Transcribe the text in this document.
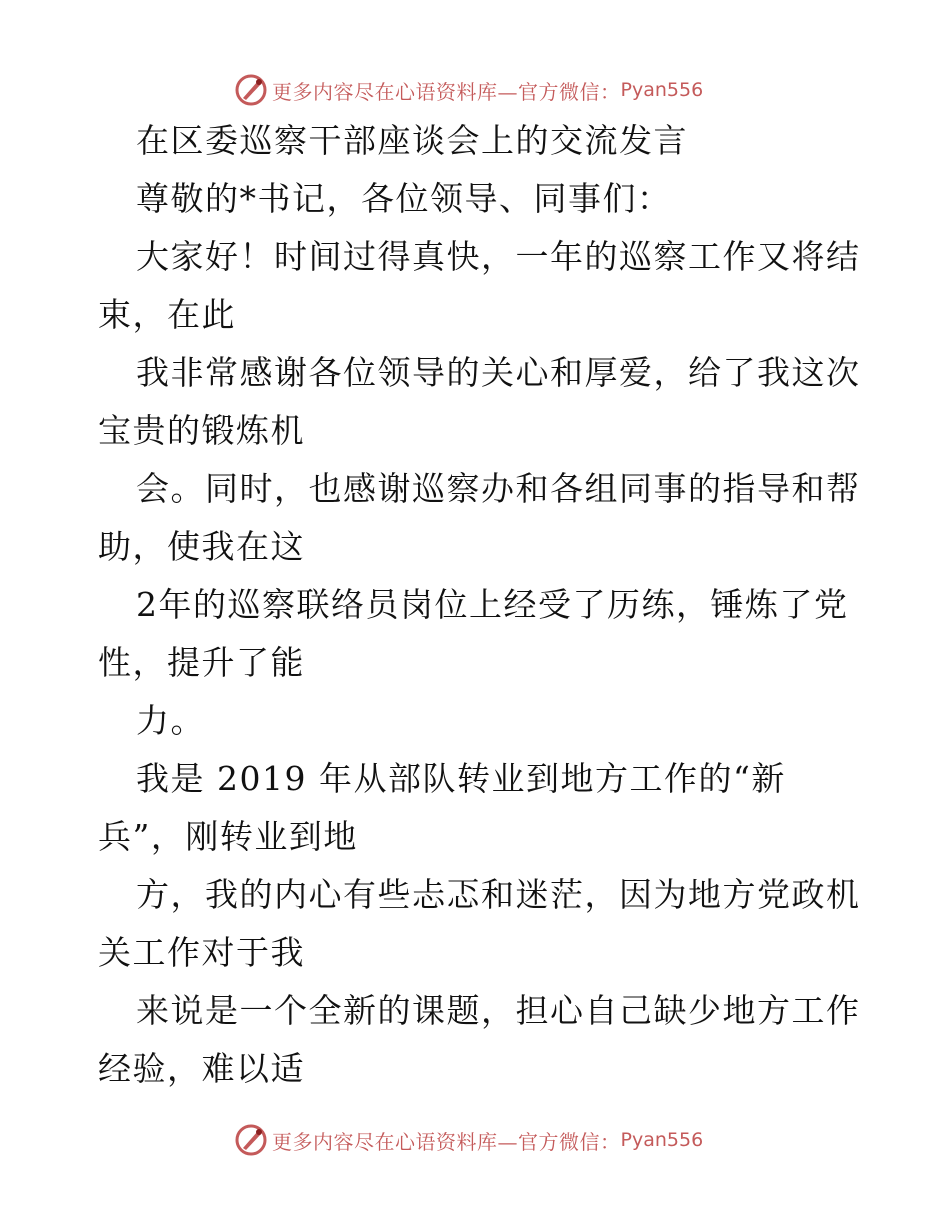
更多内容尽在心语资料库—官方微信： Pyan556
在区委巡察干部座谈会上的交流发言
尊敬的*书记，各位领导、同事们：
大家好！时间过得真快，一年的巡察工作又将结
束，在此
我非常感谢各位领导的关心和厚爱，给了我这次
宝贵的锻炼机
会。同时，也感谢巡察办和各组同事的指导和帮
助，使我在这
2年的巡察联络员岗位上经受了历练，锤炼了党
性，提升了能
力。
我是 2019 年从部队转业到地方工作的“新
兵”，刚转业到地
方，我的内心有些忐忑和迷茫，因为地方党政机
关工作对于我
来说是一个全新的课题，担心自己缺少地方工作
经验，难以适
更多内容尽在心语资料库—官方微信： Pyan556
